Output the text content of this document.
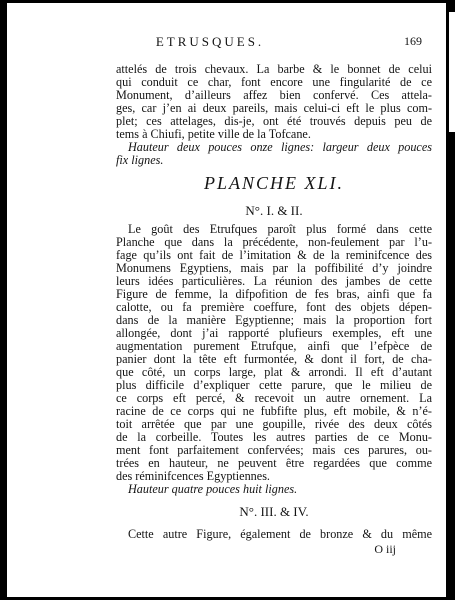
ETRUSQUES.	169
attelés de trois chevaux. La barbe & le bonnet de celui
qui conduit ce char, font encore une fingularité de ce
Monument, d’ailleurs affez bien confervé. Ces attela-
ges, car j’en ai deux pareils, mais celui-ci eft le plus com-
plet; ces attelages, dis-je, ont été trouvés depuis peu de
tems à Chiufi, petite ville de la Tofcane.
Hauteur deux pouces onze lignes: largeur deux pouces
fix lignes.
PLANCHE XLI.
N°. I. & II.
Le goût des Etrufques paroît plus formé dans cette
Planche que dans la précédente, non-feulement par l’u-
fage qu’ils ont fait de l’imitation & de la reminifcence des
Monumens Egyptiens, mais par la poffibilité d’y joindre
leurs idées particulières. La réunion des jambes de cette
Figure de femme, la difpofition de fes bras, ainfi que fa
calotte, ou fa première coeffure, font des objets dépen-
dans de la manière Egyptienne; mais la proportion fort
allongée, dont j’ai rapporté plufieurs exemples, eft une
augmentation purement Etrufque, ainfi que l’efpèce de
panier dont la tête eft furmontée, & dont il fort, de cha-
que côté, un corps large, plat & arrondi. Il eft d’autant
plus difficile d’expliquer cette parure, que le milieu de
ce corps eft percé, & recevoit un autre ornement. La
racine de ce corps qui ne fubfifte plus, eft mobile, & n’é-
toit arrêtée que par une goupille, rivée des deux côtés
de la corbeille. Toutes les autres parties de ce Monu-
ment font parfaitement confervées; mais ces parures, ou-
trées en hauteur, ne peuvent être regardées que comme
des réminifcences Egyptiennes.
Hauteur quatre pouces huit lignes.
N°. III. & IV.
Cette autre Figure, également de bronze & du même
O iij
